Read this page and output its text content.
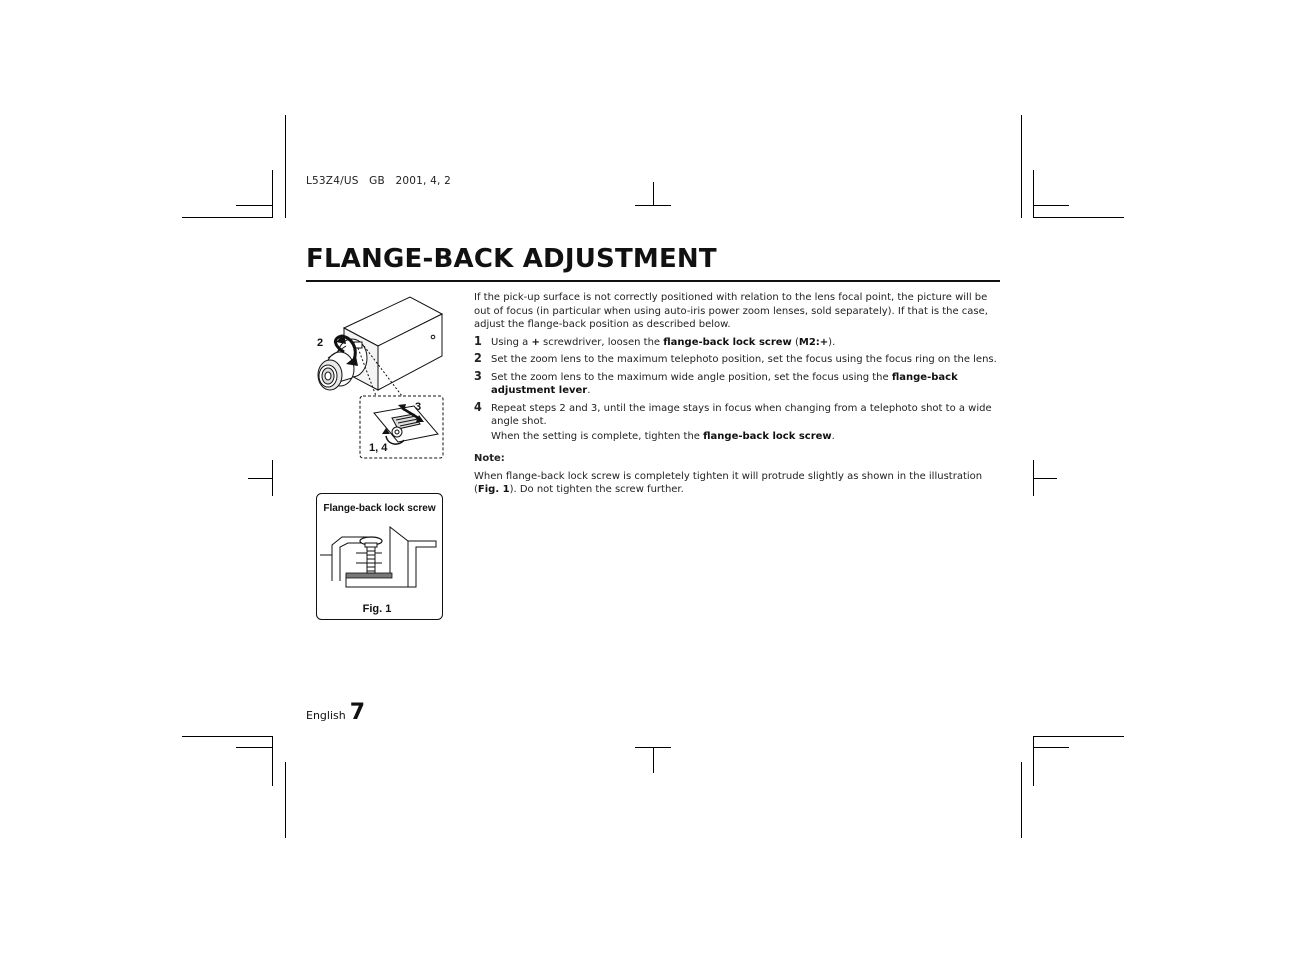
L53Z4/US   GB   2001, 4, 2
FLANGE-BACK ADJUSTMENT
2
3
1, 4
Flange-back lock screw
Fig. 1

If the pick-up surface is not correctly positioned with relation to the lens focal point, the picture will be out of focus (in particular when using auto-iris power zoom lenses, sold separately). If that is the case, adjust the flange-back position as described below.

1 Using a + screwdriver, loosen the flange-back lock screw (M2:+).
2 Set the zoom lens to the maximum telephoto position, set the focus using the focus ring on the lens.
3 Set the zoom lens to the maximum wide angle position, set the focus using the flange-back adjustment lever.
4 Repeat steps 2 and 3, until the image stays in focus when changing from a telephoto shot to a wide angle shot.
When the setting is complete, tighten the flange-back lock screw.

Note:

When flange-back lock screw is completely tighten it will protrude slightly as shown in the illustration (Fig. 1). Do not tighten the screw further.

English 7
